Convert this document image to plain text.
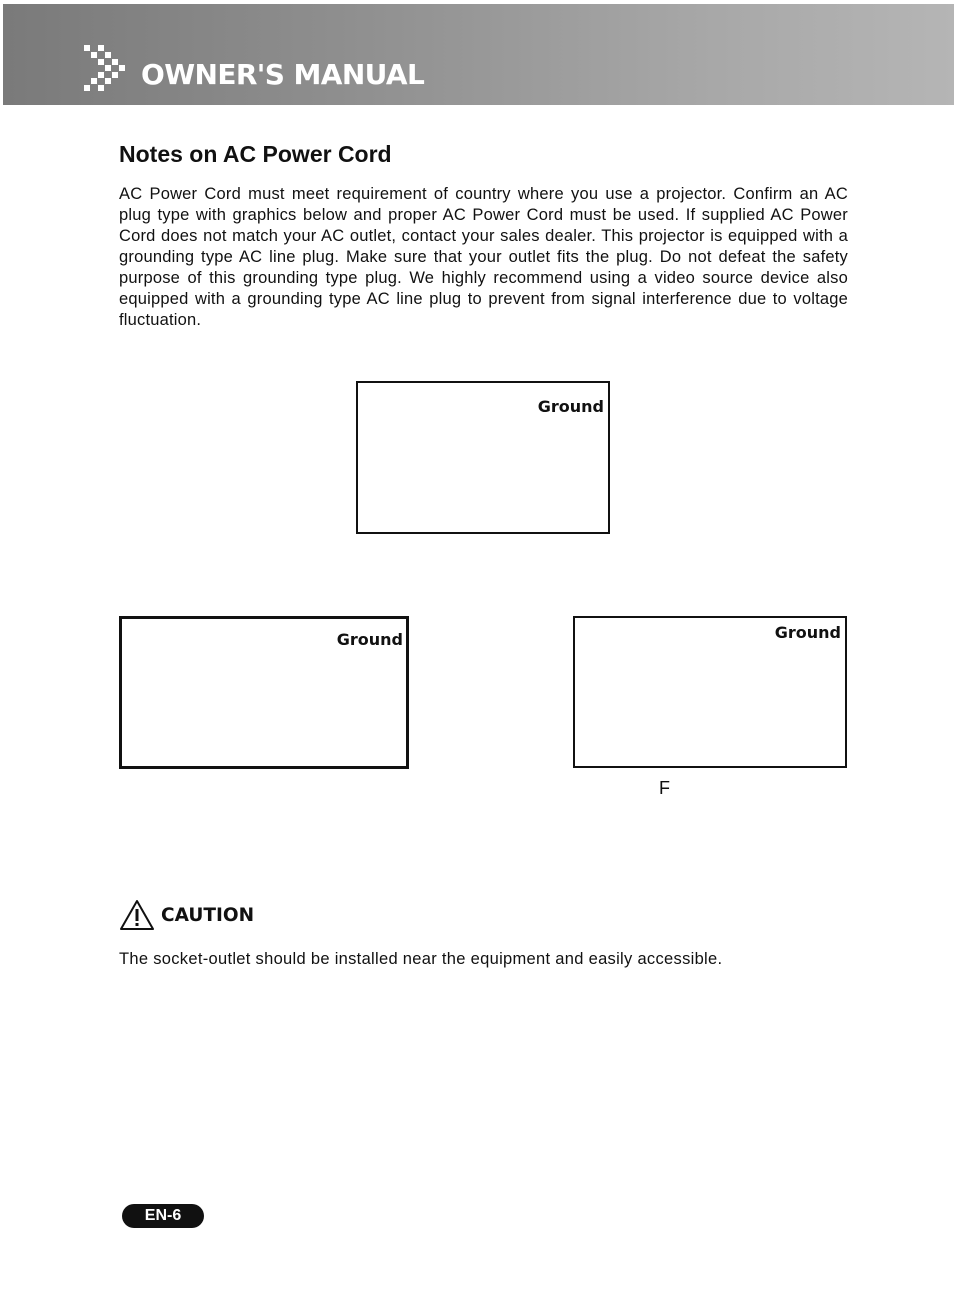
OWNER'S MANUAL
Notes on AC Power Cord

AC Power Cord must meet requirement of country where you use a projector. Confirm an AC plug type with graphics below and proper AC Power Cord must be used. If supplied AC Power Cord does not match your AC outlet, contact your sales dealer. This projector is equipped with a grounding type AC line plug. Make sure that your outlet fits the plug. Do not defeat the safety purpose of this grounding type plug. We highly recommend using a video source device also equipped with a grounding type AC line plug to prevent from signal interference due to voltage fluctuation.

Ground
Ground	Ground
F
CAUTION
The socket-outlet should be installed near the equipment and easily accessible.
EN-6
